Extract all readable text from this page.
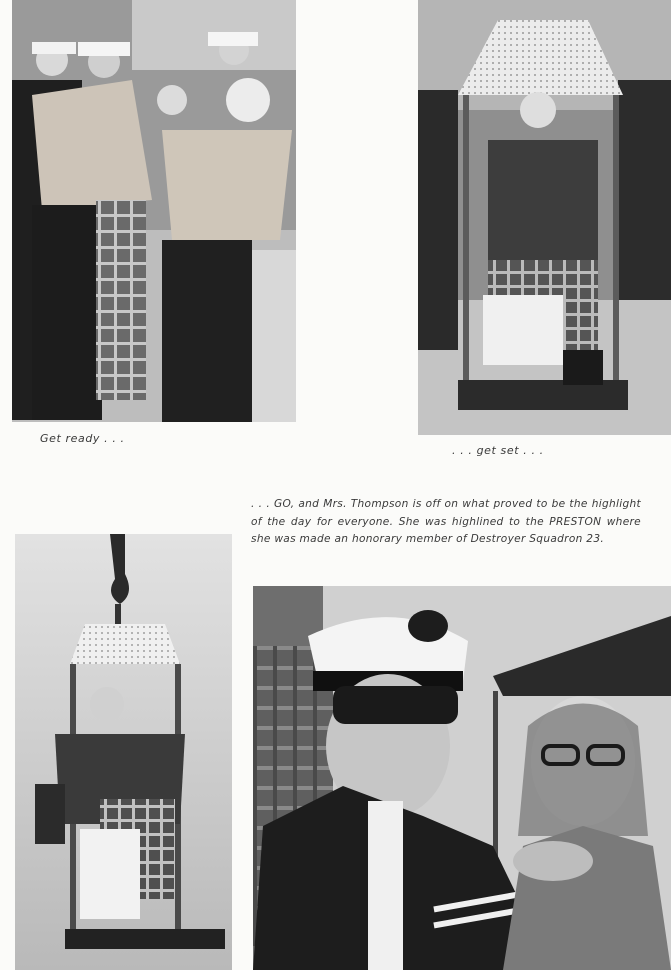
Get ready . . .
. . . get set . . .
. . . GO, and Mrs. Thompson is off on what proved to be the highlight of the day for everyone. She was highlined to the PRESTON where she was made an honorary member of Destroyer Squadron 23.
